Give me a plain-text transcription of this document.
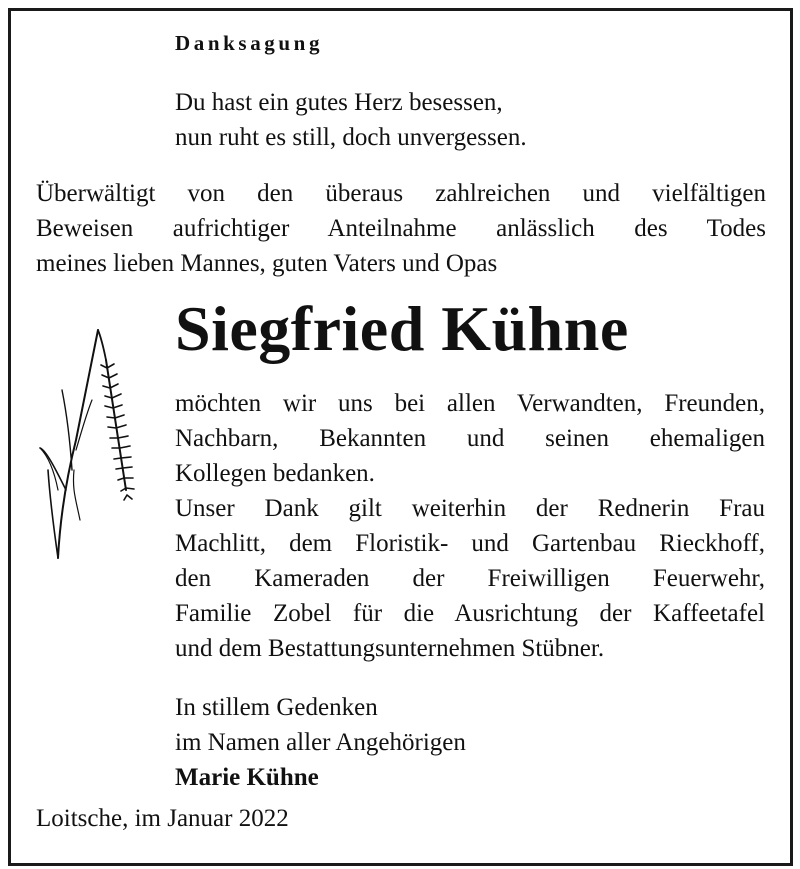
Danksagung

Du hast ein gutes Herz besessen,

nun ruht es still, doch unvergessen.

Überwältigt von den überaus zahlreichen und vielfältigen

Beweisen aufrichtiger Anteilnahme anlässlich des Todes

meines lieben Mannes, guten Vaters und Opas

Siegfried Kühne

möchten wir uns bei allen Verwandten, Freunden,

Nachbarn, Bekannten und seinen ehemaligen

Kollegen bedanken.

Unser Dank gilt weiterhin der Rednerin Frau

Machlitt, dem Floristik- und Gartenbau Rieckhoff,

den Kameraden der Freiwilligen Feuerwehr,

Familie Zobel für die Ausrichtung der Kaffeetafel

und dem Bestattungsunternehmen Stübner.

In stillem Gedenken

im Namen aller Angehörigen

Marie Kühne

Loitsche, im Januar 2022
